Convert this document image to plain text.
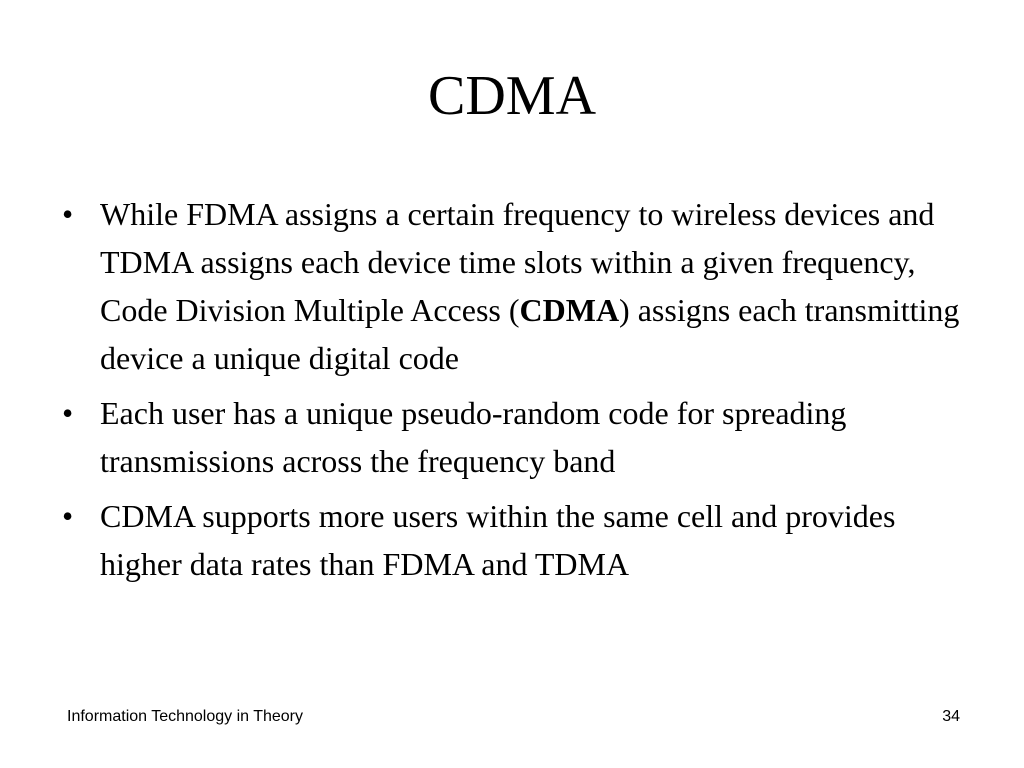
CDMA
• While FDMA assigns a certain frequency to wireless devices and TDMA assigns each device time slots within a given frequency, Code Division Multiple Access (CDMA) assigns each transmitting device a unique digital code
• Each user has a unique pseudo-random code for spreading transmissions across the frequency band
• CDMA supports more users within the same cell and provides higher data rates than FDMA and TDMA
Information Technology in Theory	34
